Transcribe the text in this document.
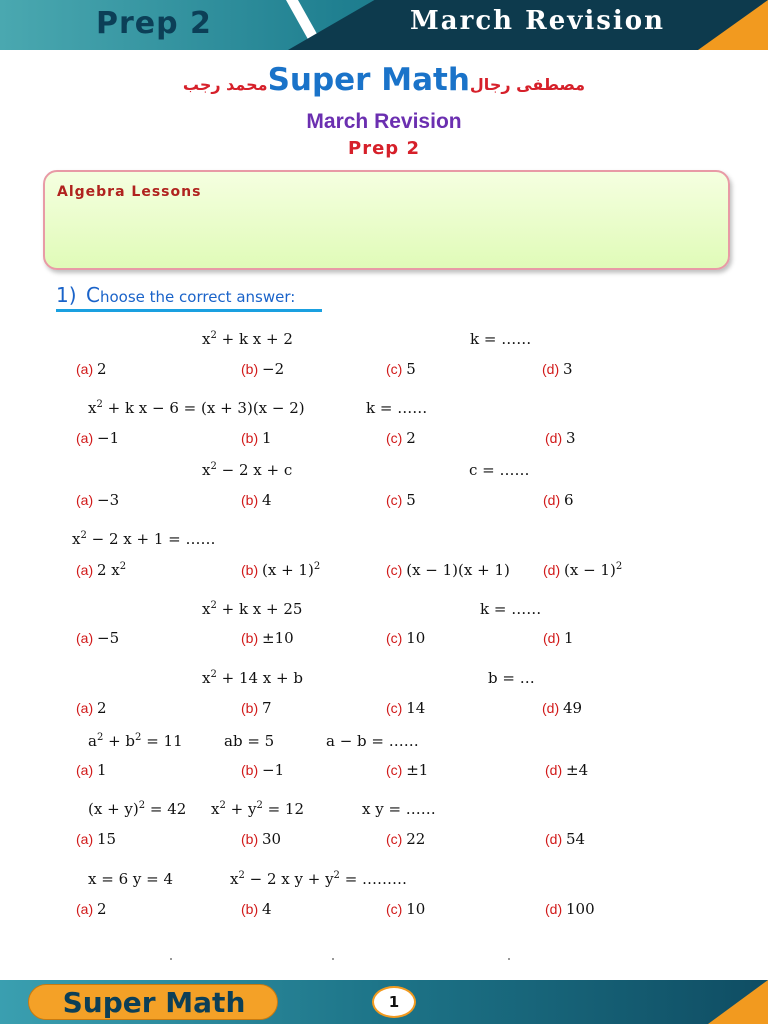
Prep 2	March Revision
محمد رجبSuper Mathمصطفى رجال
March Revision
Prep 2
Algebra Lessons
1) Choose the correct answer:
$x^2 + k$ x + 2	k = ……
(a) 2	(b) −2	(c) 5	(d) 3
$x^2 + k$ x − 6 = (x + 3)(x − 2)	k = ……
(a) −1	(b) 1	(c) 2	(d) 3
$x^2 - 2$ x + c	c = ……
(a) −3	(b) 4	(c) 5	(d) 6
$x^2 - 2$ x + 1 = ……
(a) 2 $x^2$	(b) $(x + 1)^2$	(c) (x − 1)(x + 1) (d) $(x - 1)^2$
$x^2 + k$ x + 25	k = ……
(a) −5	(b) ±10	(c) 10	(d) 1
$x^2 + 14$ x + b	b = …
(a) 2	(b) 7	(c) 14	(d) 49
$a^2 + b^2 = 11$	ab = 5	a − b = ……
(a) 1	(b) −1	(c) ±1	(d) ±4
$(x + y)^2 = 42$ $x^2 + y^2 = 12$	x y = ……
(a) 15	(b) 30	(c) 22	(d) 54
x = 6 y = 4	$x^2 - 2$ x $y + y^2$ = ………
(a) 2	(b) 4	(c) 10	(d) 100
Super Math	1
